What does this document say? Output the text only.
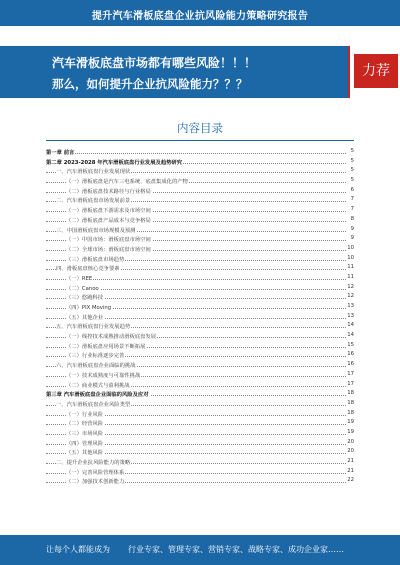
提升汽车滑板底盘企业抗风险能力策略研究报告
汽车滑板底盘市场都有哪些风险！！！
那么，如何提升企业抗风险能力？？？
力荐
内容目录
第一章 前言	5
第二章 2023-2028 年汽车滑板底盘行业发展及趋势研究	5
一、汽车滑板底盘行业发展现状	5
（一）滑板底盘是汽车三电系统、底盘集成化的产物	5
（二）滑板底盘技术路径与行业格局	6
二、汽车滑板底盘市场发展前景	7
（一）滑板底盘下游需求及市场空间	7
（二）滑板底盘产品成本与竞争格局	8
三、中国滑板底盘市场规模及预测	9
（一）中国市场：滑板底盘市场空间	9
（二）全球市场：滑板底盘市场空间	10
（三）滑板底盘市场趋势	10
四、滑板底盘核心竞争要素	11
（一）REE	11
（二）Canoo	12
（三）悠跑科技	12
（四）PIX Moving	13
（五）其他企业	13
五、汽车滑板底盘行业发展趋势	14
（一）线控技术成熟推动滑板底盘发展	14
（二）滑板底盘应用场景不断拓展	15
（三）行业标准逐步完善	16
六、汽车滑板底盘企业面临的挑战	16
（一）技术成熟度与可靠性挑战	17
（二）商业模式与盈利挑战	17
第三章 汽车滑板底盘企业面临的风险及应对	18
一、汽车滑板底盘企业风险类型	18
（一）行业风险	18
（二）经营风险	19
（三）市场风险	19
（四）管理风险	20
（五）其他风险	20
二、提升企业抗风险能力的策略	21
（一）完善风险管理体系	21
（二）加强技术创新能力	22
让每个人都能成为 行业专家、管理专家、营销专家、战略专家、成功企业家……
